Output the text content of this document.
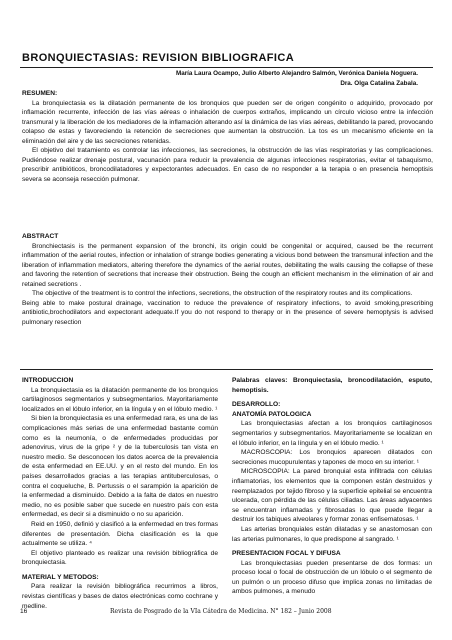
BRONQUIECTASIAS: REVISION BIBLIOGRAFICA
María Laura Ocampo, Julio Alberto Alejandro Salmón, Verónica Daniela Noguera.
Dra. Olga Catalina Zabala.
RESUMEN:

La bronquiectasia es la dilatación permanente de los bronquios que pueden ser de origen congénito o adquirido, provocado por inflamación recurrente, infección de las vías aéreas o inhalación de cuerpos extraños, implicando un círculo vicioso entre la infección transmural y la liberación de los mediadores de la inflamación alterando así la dinámica de las vías aéreas, debilitando la pared, provocando colapso de estas y favoreciendo la retención de secreciones que aumentan la obstrucción. La tos es un mecanismo eficiente en la eliminación del aire y de las secreciones retenidas.

El objetivo del tratamiento es controlar las infecciones, las secreciones, la obstrucción de las vías respiratorias y las complicaciones. Pudiéndose realizar drenaje postural, vacunación para reducir la prevalencia de algunas infecciones respiratorias, evitar el tabaquismo, prescribir antibióticos, broncodilatadores y expectorantes adecuados. En caso de no responder a la terapia o en presencia hemoptisis severa se aconseja resección pulmonar.

ABSTRACT

Bronchiectasis is the permanent expansion of the bronchi, its origin could be congenital or acquired, caused be the recurrent inflammation of the aerial routes, infection or inhalation of strange bodies generating a vicious bond between the transmural infection and the liberation of inflammation mediators, altering therefore the dynamics of the aerial routes, debilitating the walls causing the collapse of these and favoring the retention of secretions that increase their obstruction. Being the cough an efficient mechanism in the elimination of air and retained secretions .

The objective of the treatment is to control the infections, secretions, the obstruction of the respiratory routes and its complications.

Being able to make postural drainage, vaccination to reduce the prevalence of respiratory infections, to avoid smoking,prescribing antibiotic,brochodilators and expectorant adequate.If you do not respond to therapy or in the presence of severe hemoptysis is advised pulmonary resection

INTRODUCCION

La bronquiectasia es la dilatación permanente de los bronquios cartilaginosos segmentarios y subsegmentarios. Mayoritariamente localizados en el lóbulo inferior, en la língula y en el lóbulo medio. ¹

Si bien la bronquiectasia es una enfermedad rara, es una de las complicaciones más serias de una enfermedad bastante común como es la neumonía, o de enfermedades producidas por adenovirus, virus de la gripe ² y de la tuberculosis tan vista en nuestro medio. Se desconocen los datos acerca de la prevalencia de esta enfermedad en EE.UU. y en el resto del mundo. En los países desarrollados gracias a las terapias antituberculosas, o contra el coqueluche, B. Pertussis o el sarampión la aparición de la enfermedad a disminuido. Debido a la falta de datos en nuestro medio, no es posible saber que sucede en nuestro país con esta enfermedad, es decir si a disminuido o no su aparición.

Reid en 1950, definió y clasificó a la enfermedad en tres formas diferentes de presentación. Dicha clasificación es la que actualmente se utiliza. ⁴

El objetivo planteado es realizar una revisión bibliográfica de bronquiectasia.

MATERIAL Y METODOS:

Para realizar la revisión bibliográfica recurrimos a libros, revistas científicas y bases de datos electrónicas como cochrane y medline.

Palabras claves: Bronquiectasia, broncodilatación, esputo, hemoptisis.

DESARROLLO:
ANATOMÍA PATOLOGICA

Las bronquiectasias afectan a los bronquios cartilaginosos segmentarios y subsegmentarios. Mayoritariamente se localizan en el lóbulo inferior, en la língula y en el lóbulo medio. ¹

MACROSCOPIA: Los bronquios aparecen dilatados con secreciones mucopurulentas y tapones de moco en su interior. ¹

MICROSCOPIA: La pared bronquial esta infiltrada con células inflamatorias, los elementos que la componen están destruidos y reemplazados por tejido fibroso y la superficie epitelial se encuentra ulcerada, con pérdida de las células ciliadas. Las áreas adyacentes se encuentran inflamadas y fibrosadas lo que puede llegar a destruir los tabiques alveolares y formar zonas enfisematosas. ¹

Las arterias bronquiales están dilatadas y se anastomosan con las arterias pulmonares, lo que predispone al sangrado. ¹

PRESENTACION FOCAL Y DIFUSA

Las bronquiectasias pueden presentarse de dos formas: un proceso local o focal de obstrucción de un lóbulo o el segmento de un pulmón o un proceso difuso que implica zonas no limitadas de ambos pulmones, a menudo

16	Revista de Posgrado de la VIa Cátedra de Medicina. N° 182 – Junio 2008
